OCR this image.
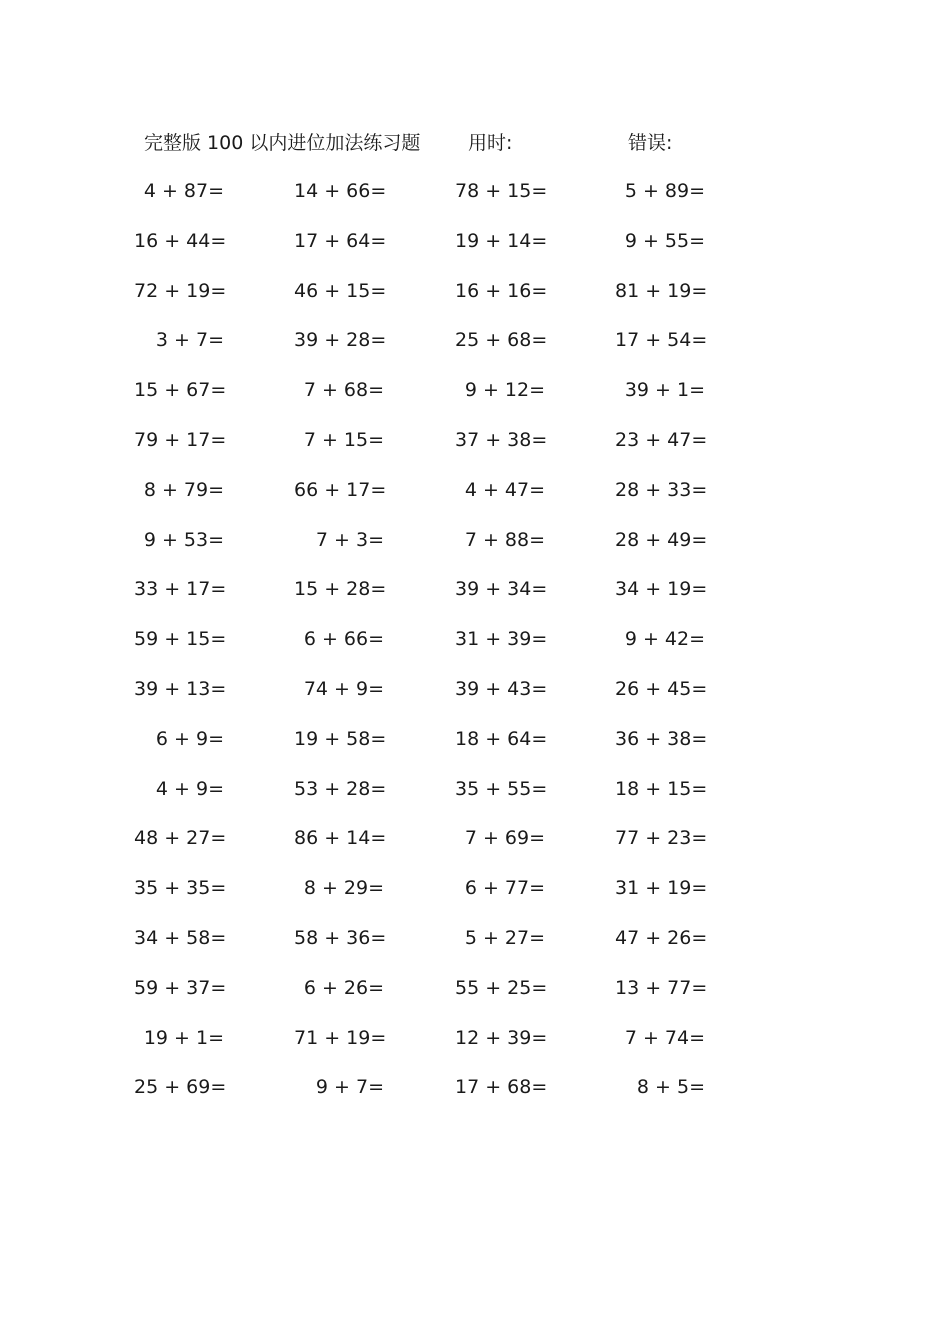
完整版 100 以内进位加法练习题	用时:	错误:
4 + 87=	14 + 66=	78 + 15=	5 + 89=
16 + 44=	17 + 64=	19 + 14=	9 + 55=
72 + 19=	46 + 15=	16 + 16=	81 + 19=
3 + 7=	39 + 28=	25 + 68=	17 + 54=
15 + 67=	7 + 68=	9 + 12=	39 + 1=
79 + 17=	7 + 15=	37 + 38=	23 + 47=
8 + 79=	66 + 17=	4 + 47=	28 + 33=
9 + 53=	7 + 3=	7 + 88=	28 + 49=
33 + 17=	15 + 28=	39 + 34=	34 + 19=
59 + 15=	6 + 66=	31 + 39=	9 + 42=
39 + 13=	74 + 9=	39 + 43=	26 + 45=
6 + 9=	19 + 58=	18 + 64=	36 + 38=
4 + 9=	53 + 28=	35 + 55=	18 + 15=
48 + 27=	86 + 14=	7 + 69=	77 + 23=
35 + 35=	8 + 29=	6 + 77=	31 + 19=
34 + 58=	58 + 36=	5 + 27=	47 + 26=
59 + 37=	6 + 26=	55 + 25=	13 + 77=
19 + 1=	71 + 19=	12 + 39=	7 + 74=
25 + 69=	9 + 7=	17 + 68=	8 + 5=
